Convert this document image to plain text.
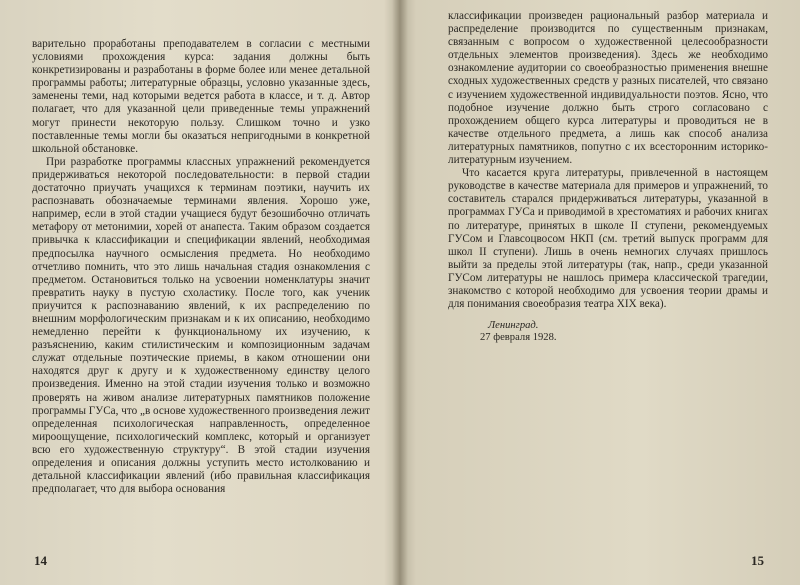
варительно проработаны преподавателем в согласии с местными условиями прохождения курса: задания должны быть конкретизированы и разработаны в форме более или менее детальной программы работы; литературные образцы, условно указанные здесь, заменены теми, над которыми ведется работа в классе, и т. д. Автор полагает, что для указанной цели приведенные темы упражнений могут принести некоторую пользу. Слишком точно и узко поставленные темы могли бы оказаться непригодными в конкретной школьной обстановке.

При разработке программы классных упражнений рекомендуется придерживаться некоторой последовательности: в первой стадии достаточно приучать учащихся к терминам поэтики, научить их распознавать обозначаемые терминами явления. Хорошо уже, например, если в этой стадии учащиеся будут безошибочно отличать метафору от метонимии, хорей от анапеста. Таким образом создается привычка к классификации и спецификации явлений, необходимая предпосылка научного осмысления предмета. Но необходимо отчетливо помнить, что это лишь начальная стадия ознакомления с предметом. Остановиться только на усвоении номенклатуры значит превратить науку в пустую схоластику. После того, как ученик приучится к распознаванию явлений, к их распределению по внешним морфологическим признакам и к их описанию, необходимо немедленно перейти к функциональному их изучению, к разъяснению, каким стилистическим и композиционным задачам служат отдельные поэтические приемы, в каком отношении они находятся друг к другу и к художественному единству целого произведения. Именно на этой стадии изучения только и возможно проверять на живом анализе литературных памятников положение программы ГУСа, что „в основе художественного произведения лежит определенная психологическая направленность, определенное мироощущение, психологический комплекс, который и организует всю его художественную структуру“. В этой стадии изучения определения и описания должны уступить место истолкованию и детальной классификации явлений (ибо правильная классификация предполагает, что для выбора основания

14

классификации произведен рациональный разбор материала и распределение производится по существенным признакам, связанным с вопросом о художественной целесообразности отдельных элементов произведения). Здесь же необходимо ознакомление аудитории со своеобразностью применения внешне сходных художественных средств у разных писателей, что связано с изучением художественной индивидуальности поэтов. Ясно, что подобное изучение должно быть строго согласовано с прохождением общего курса литературы и проводиться не в качестве отдельного предмета, а лишь как способ анализа литературных памятников, попутно с их всесторонним историко-литературным изучением.

Что касается круга литературы, привлеченной в настоящем руководстве в качестве материала для примеров и упражнений, то составитель старался придерживаться литературы, указанной в программах ГУСа и приводимой в хрестоматиях и рабочих книгах по литературе, принятых в школе II ступени, рекомендуемых ГУСом и Главсоцвосом НКП (см. третий выпуск программ для школ II ступени). Лишь в очень немногих случаях пришлось выйти за пределы этой литературы (так, напр., среди указанной ГУСом литературы не нашлось примера классической трагедии, знакомство с которой необходимо для усвоения теории драмы и для понимания своеобразия театра XIX века).

Ленинград.
27 февраля 1928.
15
